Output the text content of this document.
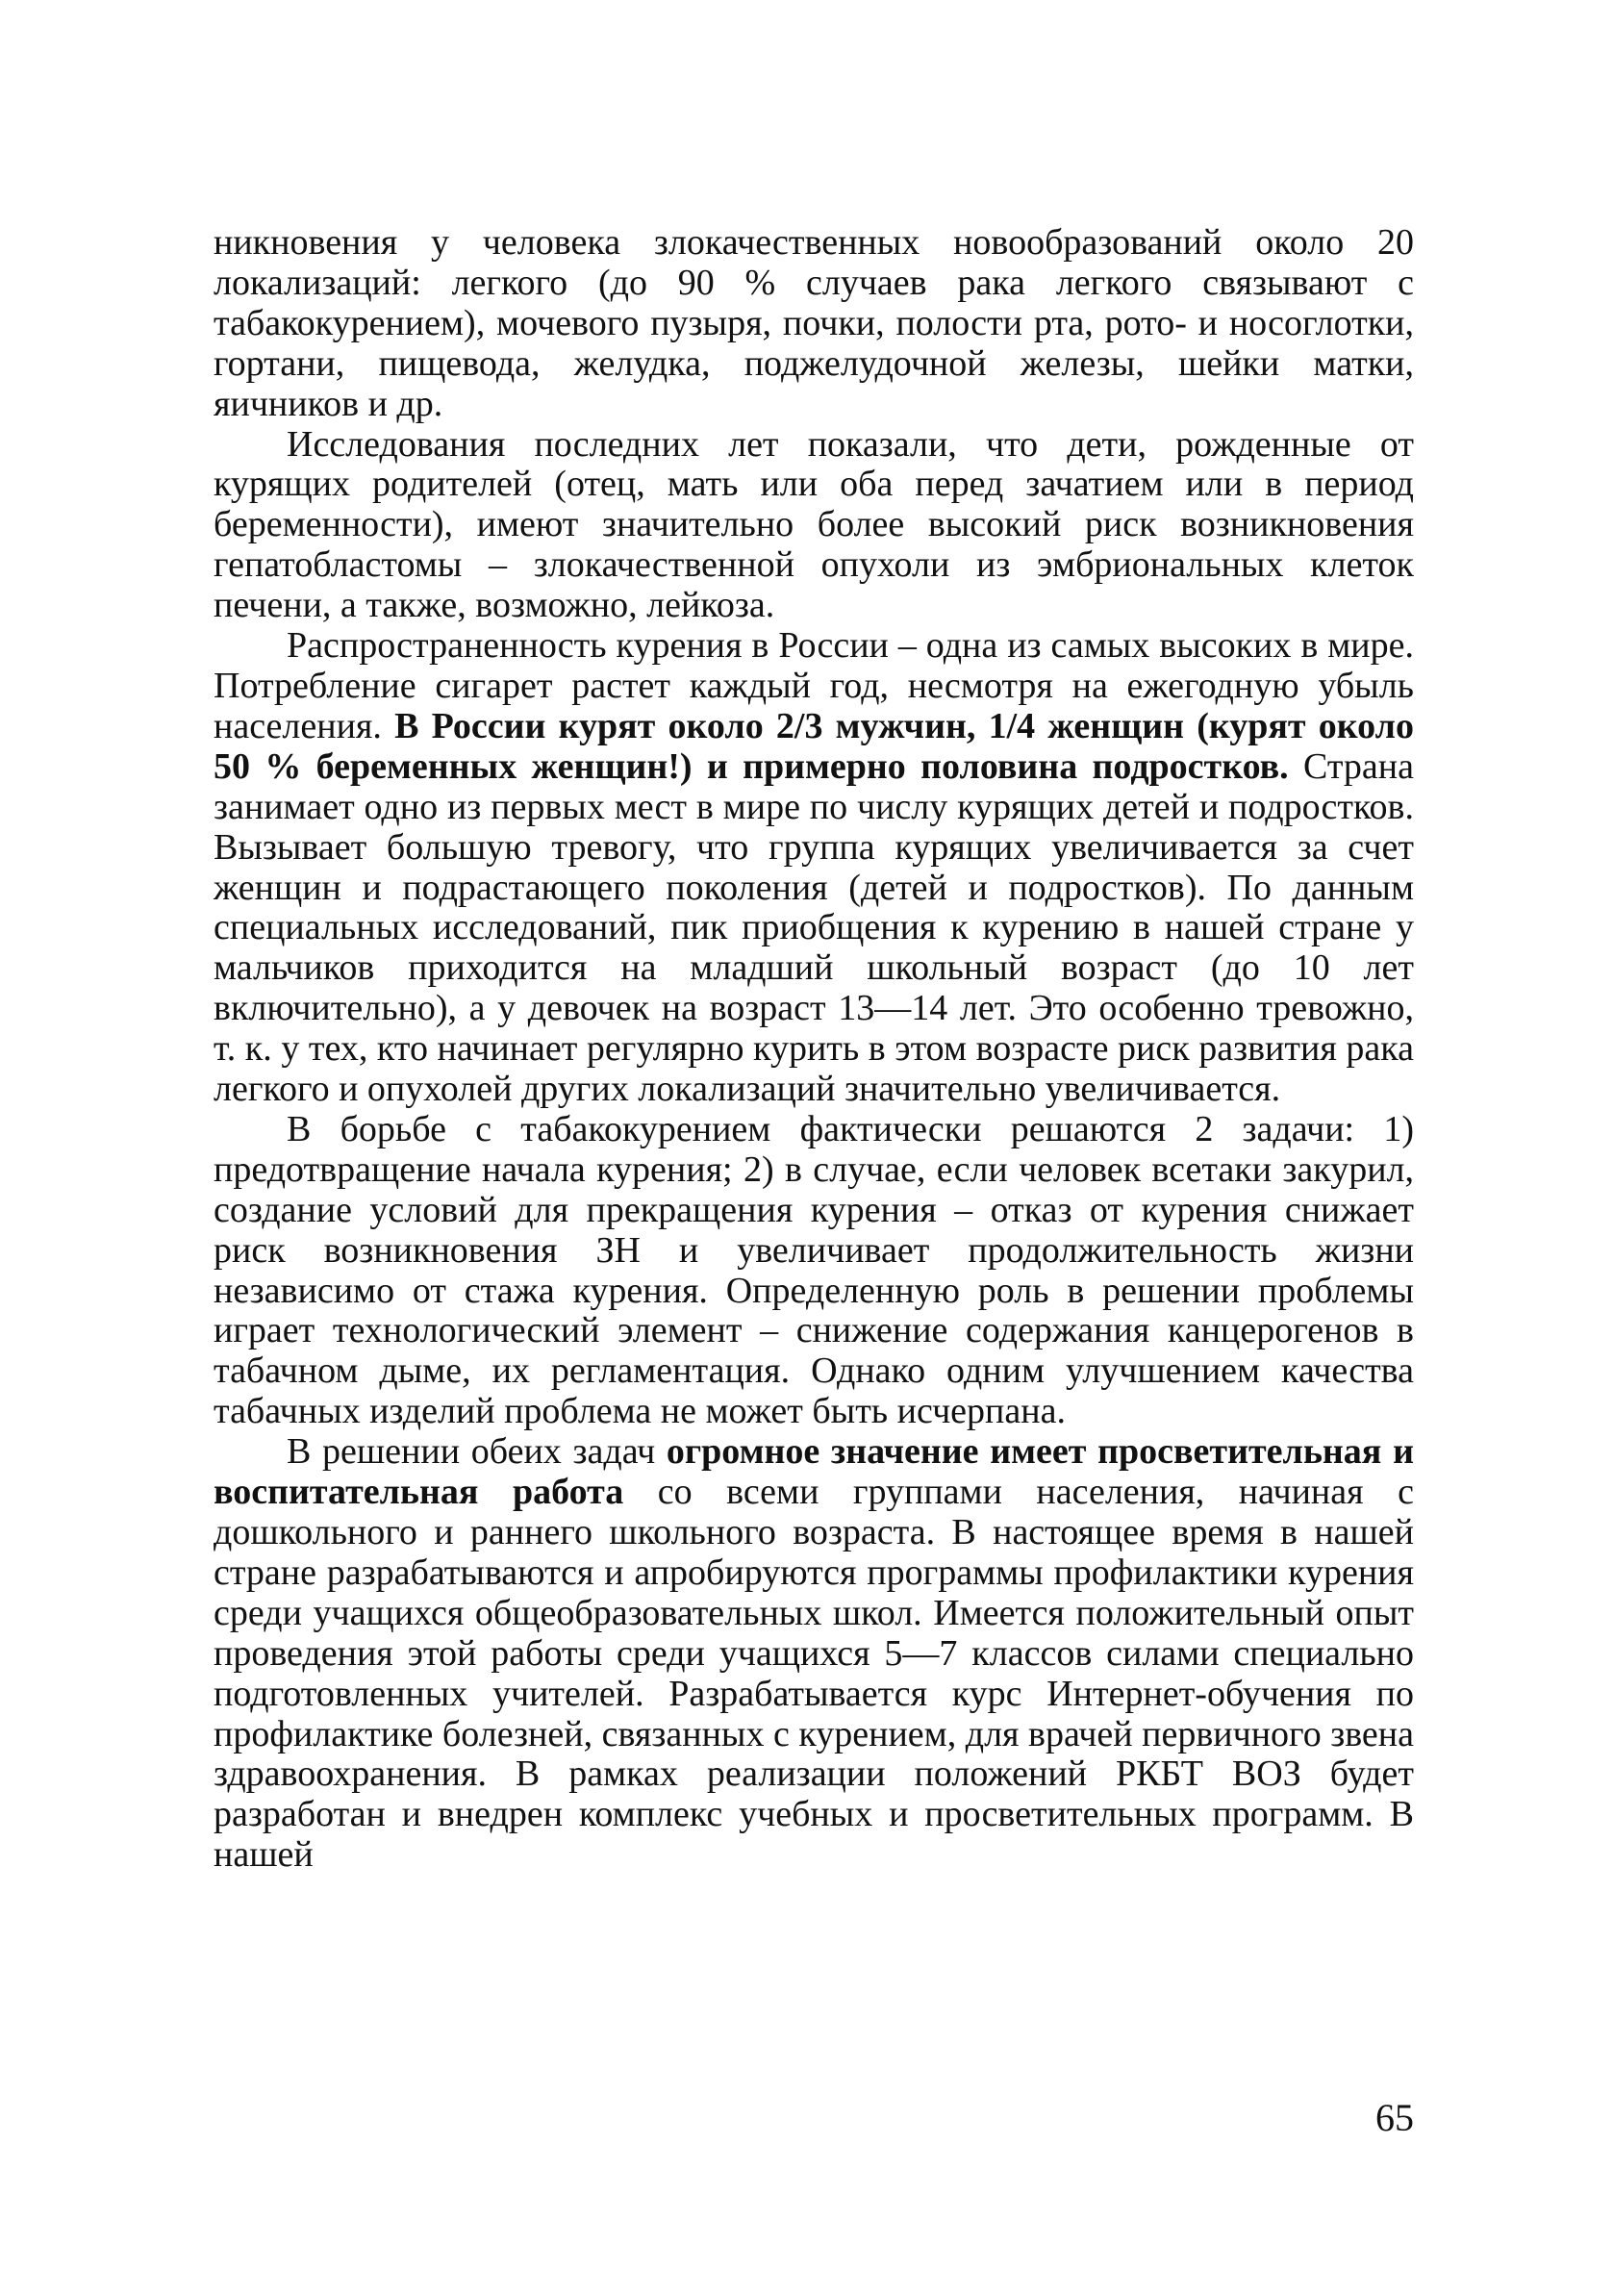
никновения у человека злокачественных новообразований около 20 локализаций: легкого (до 90 % случаев рака легкого связывают с табакокурением), мочевого пузыря, почки, полости рта, рото- и носоглотки, гортани, пищевода, желудка, поджелудочной железы, шейки матки, яичников и др.

Исследования последних лет показали, что дети, рожденные от курящих родителей (отец, мать или оба перед зачатием или в период беременности), имеют значительно более высокий риск возникновения гепатобластомы – злокачественной опухоли из эмбриональных клеток печени, а также, возможно, лейкоза.

Распространенность курения в России – одна из самых высоких в мире. Потребление сигарет растет каждый год, несмотря на ежегодную убыль населения. В России курят около 2/3 мужчин, 1/4 женщин (курят около 50 % беременных женщин!) и примерно половина подростков. Страна занимает одно из первых мест в мире по числу курящих детей и подростков. Вызывает большую тревогу, что группа курящих увеличивается за счет женщин и подрастающего поколения (детей и подростков). По данным специальных исследований, пик приобщения к курению в нашей стране у мальчиков приходится на младший школьный возраст (до 10 лет включительно), а у девочек на возраст 13—14 лет. Это особенно тревожно, т. к. у тех, кто начинает регулярно курить в этом возрасте риск развития рака легкого и опухолей других локализаций значительно увеличивается.

В борьбе с табакокурением фактически решаются 2 задачи: 1) предотвращение начала курения; 2) в случае, если человек всетаки закурил, создание условий для прекращения курения – отказ от курения снижает риск возникновения ЗН и увеличивает продолжительность жизни независимо от стажа курения. Определенную роль в решении проблемы играет технологический элемент – снижение содержания канцерогенов в табачном дыме, их регламентация. Однако одним улучшением качества табачных изделий проблема не может быть исчерпана.

В решении обеих задач огромное значение имеет просветительная и воспитательная работа со всеми группами населения, начиная с дошкольного и раннего школьного возраста. В настоящее время в нашей стране разрабатываются и апробируются программы профилактики курения среди учащихся общеобразовательных школ. Имеется положительный опыт проведения этой работы среди учащихся 5—7 классов силами специально подготовленных учителей. Разрабатывается курс Интернет-обучения по профилактике болезней, связанных с курением, для врачей первичного звена здравоохранения. В рамках реализации положений РКБТ ВОЗ будет разработан и внедрен комплекс учебных и просветительных программ. В нашей

65
